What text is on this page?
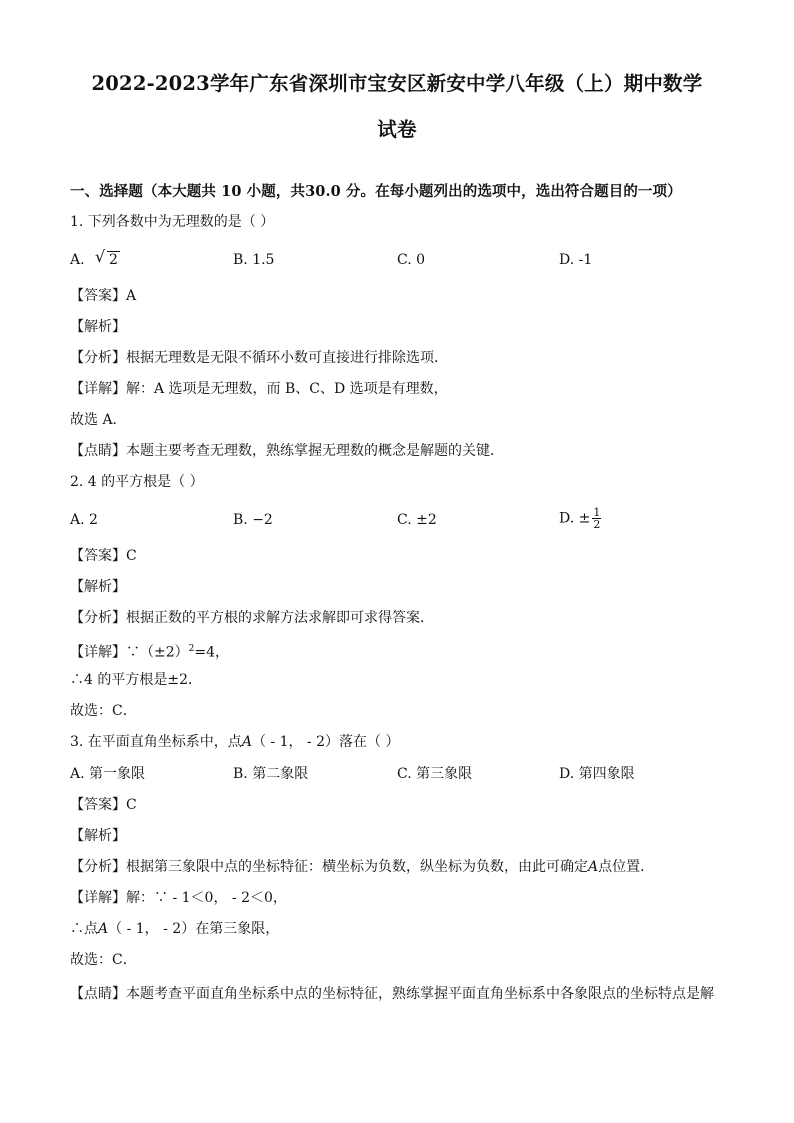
2022-2023学年广东省深圳市宝安区新安中学八年级（上）期中数学
试卷
一、选择题（本大题共 10 小题，共30.0 分。在每小题列出的选项中，选出符合题目的一项）
1. 下列各数中为无理数的是（ ）
A. √ 2	B. 1.5	C. 0	D. -1
【答案】A
【解析】
【分析】根据无理数是无限不循环小数可直接进行排除选项．
【详解】解：A 选项是无理数，而 B、C、D 选项是有理数，
故选 A．
【点睛】本题主要考查无理数，熟练掌握无理数的概念是解题的关键．
2. 4 的平方根是（ ）
A. 2	B. −2	C. ±2	D. ± $\frac{1}{2}$
【答案】C
【解析】
【分析】根据正数的平方根的求解方法求解即可求得答案．
【详解】$\because(\pm 2)^2=4$，
∴4 的平方根是±2．
故选：C．
3. 在平面直角坐标系中，点A（ - 1， - 2）落在（ ）
A. 第一象限	B. 第二象限	C. 第三象限	D. 第四象限
【答案】C
【解析】
【分析】根据第三象限中点的坐标特征：横坐标为负数，纵坐标为负数，由此可确定A点位置．
【详解】解：∵ - 1＜0， - 2＜0，
∴点A（ - 1， - 2）在第三象限，
故选：C．
【点睛】本题考查平面直角坐标系中点的坐标特征，熟练掌握平面直角坐标系中各象限点的坐标特点是解
